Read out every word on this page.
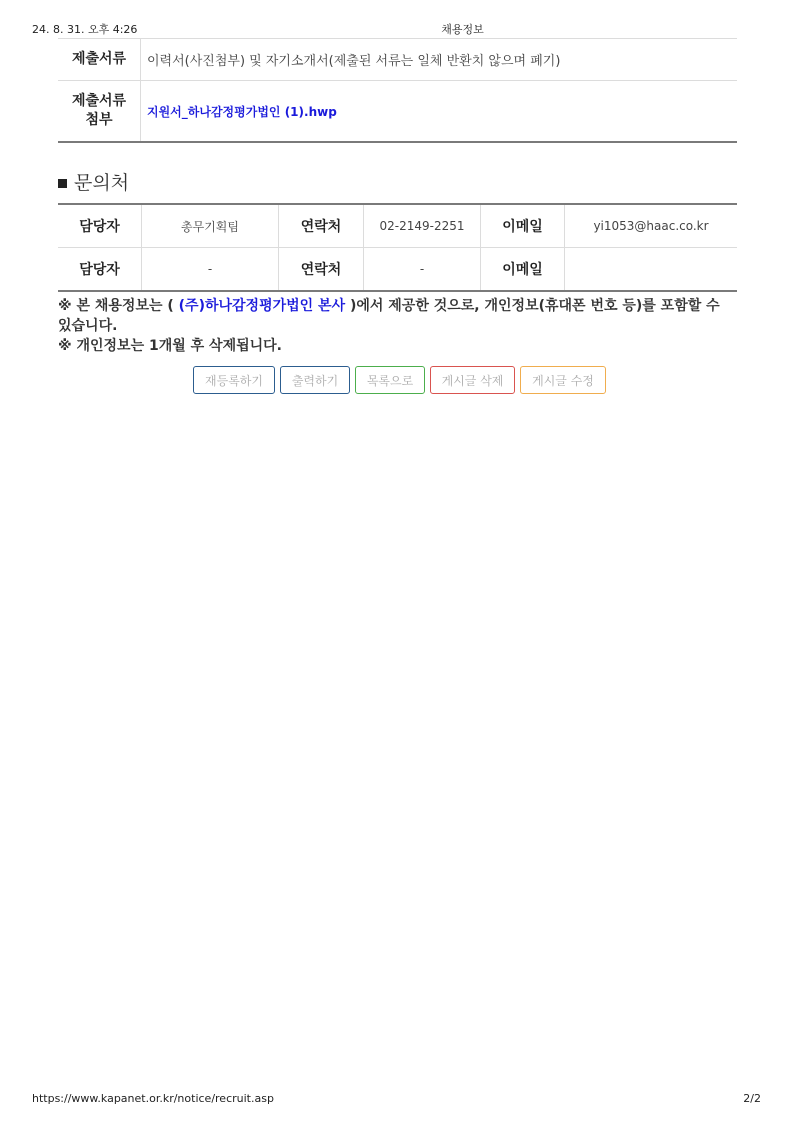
24. 8. 31. 오후 4:26	채용정보
제출서류	이력서(사진첨부) 및 자기소개서(제출된 서류는 일체 반환치 않으며 폐기)
제출서류
첨부	지원서_하나감정평가법인 (1).hwp
문의처
담당자	총무기획팀	연락처	02-2149-2251	이메일	yi1053@haac.co.kr
담당자	-	연락처	-	이메일	

※ 본 채용정보는 ( (주)하나감정평가법인 본사 )에서 제공한 것으로, 개인정보(휴대폰 번호 등)를 포함할 수 있습니다.

※ 개인정보는 1개월 후 삭제됩니다.

재등록하기	출력하기	목록으로	게시글 삭제	게시글 수정
https://www.kapanet.or.kr/notice/recruit.asp	2/2
